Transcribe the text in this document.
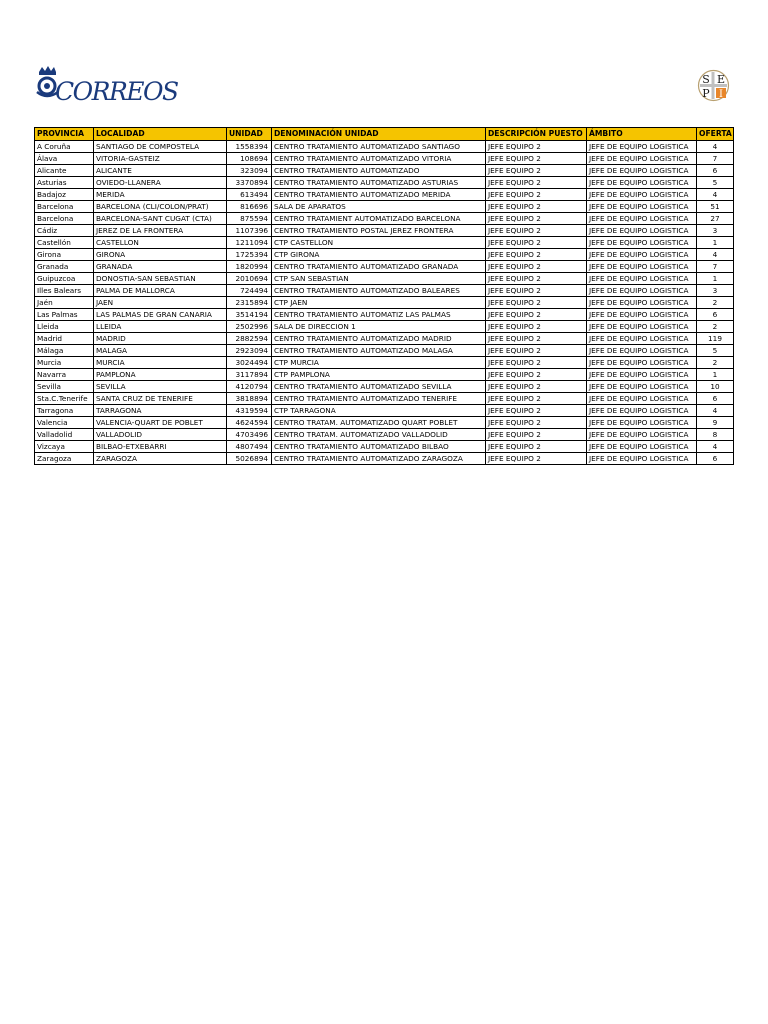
CORREOS	S E
P I
PROVINCIA	LOCALIDAD	UNIDAD	DENOMINACIÓN UNIDAD	DESCRIPCIÓN PUESTO	ÁMBITO	OFERTA
A Coruña	SANTIAGO DE COMPOSTELA	1558394	CENTRO TRATAMIENTO AUTOMATIZADO SANTIAGO	JEFE EQUIPO 2	JEFE DE EQUIPO LOGISTICA	4
Álava	VITORIA-GASTEIZ	108694	CENTRO TRATAMIENTO AUTOMATIZADO VITORIA	JEFE EQUIPO 2	JEFE DE EQUIPO LOGISTICA	7
Alicante	ALICANTE	323094	CENTRO TRATAMIENTO AUTOMATIZADO	JEFE EQUIPO 2	JEFE DE EQUIPO LOGISTICA	6
Asturias	OVIEDO-LLANERA	3370894	CENTRO TRATAMIENTO AUTOMATIZADO ASTURIAS	JEFE EQUIPO 2	JEFE DE EQUIPO LOGISTICA	5
Badajoz	MERIDA	613494	CENTRO TRATAMIENTO AUTOMATIZADO MERIDA	JEFE EQUIPO 2	JEFE DE EQUIPO LOGISTICA	4
Barcelona	BARCELONA (CLI/COLON/PRAT)	816696	SALA DE APARATOS	JEFE EQUIPO 2	JEFE DE EQUIPO LOGISTICA	51
Barcelona	BARCELONA-SANT CUGAT (CTA)	875594	CENTRO TRATAMIENT AUTOMATIZADO BARCELONA	JEFE EQUIPO 2	JEFE DE EQUIPO LOGISTICA	27
Cádiz	JEREZ DE LA FRONTERA	1107396	CENTRO TRATAMIENTO POSTAL JEREZ FRONTERA	JEFE EQUIPO 2	JEFE DE EQUIPO LOGISTICA	3
Castellón	CASTELLON	1211094	CTP CASTELLON	JEFE EQUIPO 2	JEFE DE EQUIPO LOGISTICA	1
Girona	GIRONA	1725394	CTP GIRONA	JEFE EQUIPO 2	JEFE DE EQUIPO LOGISTICA	4
Granada	GRANADA	1820994	CENTRO TRATAMIENTO AUTOMATIZADO GRANADA	JEFE EQUIPO 2	JEFE DE EQUIPO LOGISTICA	7
Guipuzcoa	DONOSTIA-SAN SEBASTIAN	2010694	CTP SAN SEBASTIAN	JEFE EQUIPO 2	JEFE DE EQUIPO LOGISTICA	1
Illes Balears	PALMA DE MALLORCA	724494	CENTRO TRATAMIENTO AUTOMATIZADO BALEARES	JEFE EQUIPO 2	JEFE DE EQUIPO LOGISTICA	3
Jaén	JAEN	2315894	CTP JAEN	JEFE EQUIPO 2	JEFE DE EQUIPO LOGISTICA	2
Las Palmas	LAS PALMAS DE GRAN CANARIA	3514194	CENTRO TRATAMIENTO AUTOMATIZ LAS PALMAS	JEFE EQUIPO 2	JEFE DE EQUIPO LOGISTICA	6
Lleida	LLEIDA	2502996	SALA DE DIRECCION 1	JEFE EQUIPO 2	JEFE DE EQUIPO LOGISTICA	2
Madrid	MADRID	2882594	CENTRO TRATAMIENTO AUTOMATIZADO MADRID	JEFE EQUIPO 2	JEFE DE EQUIPO LOGISTICA	119
Málaga	MALAGA	2923094	CENTRO TRATAMIENTO AUTOMATIZADO MALAGA	JEFE EQUIPO 2	JEFE DE EQUIPO LOGISTICA	5
Murcia	MURCIA	3024494	CTP MURCIA	JEFE EQUIPO 2	JEFE DE EQUIPO LOGISTICA	2
Navarra	PAMPLONA	3117894	CTP PAMPLONA	JEFE EQUIPO 2	JEFE DE EQUIPO LOGISTICA	1
Sevilla	SEVILLA	4120794	CENTRO TRATAMIENTO AUTOMATIZADO SEVILLA	JEFE EQUIPO 2	JEFE DE EQUIPO LOGISTICA	10
Sta.C.Tenerife	SANTA CRUZ DE TENERIFE	3818894	CENTRO TRATAMIENTO AUTOMATIZADO TENERIFE	JEFE EQUIPO 2	JEFE DE EQUIPO LOGISTICA	6
Tarragona	TARRAGONA	4319594	CTP TARRAGONA	JEFE EQUIPO 2	JEFE DE EQUIPO LOGISTICA	4
Valencia	VALENCIA-QUART DE POBLET	4624594	CENTRO TRATAM. AUTOMATIZADO QUART POBLET	JEFE EQUIPO 2	JEFE DE EQUIPO LOGISTICA	9
Valladolid	VALLADOLID	4703496	CENTRO TRATAM. AUTOMATIZADO VALLADOLID	JEFE EQUIPO 2	JEFE DE EQUIPO LOGISTICA	8
Vizcaya	BILBAO-ETXEBARRI	4807494	CENTRO TRATAMIENTO AUTOMATIZADO BILBAO	JEFE EQUIPO 2	JEFE DE EQUIPO LOGISTICA	4
Zaragoza	ZARAGOZA	5026894	CENTRO TRATAMIENTO AUTOMATIZADO ZARAGOZA	JEFE EQUIPO 2	JEFE DE EQUIPO LOGISTICA	6
